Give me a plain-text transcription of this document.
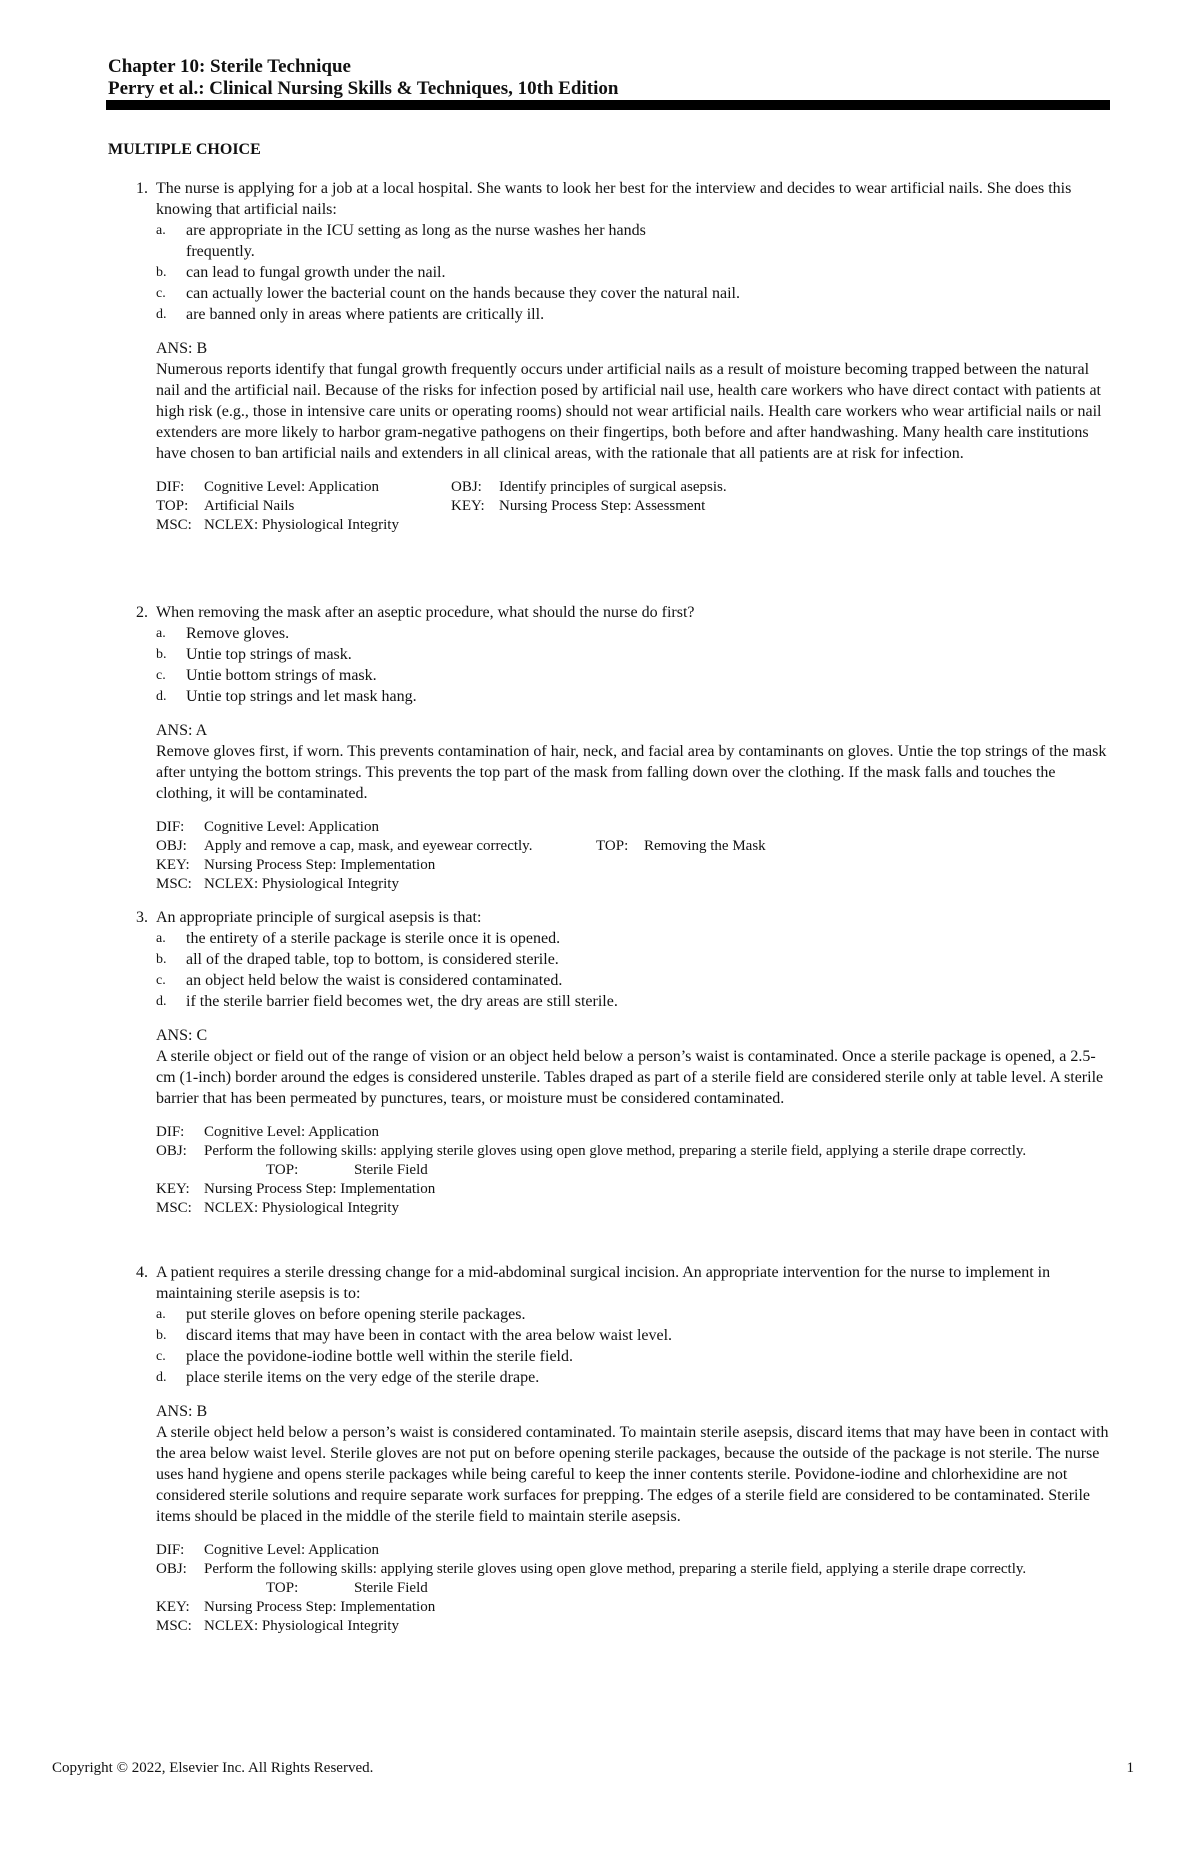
Chapter 10: Sterile Technique
Perry et al.: Clinical Nursing Skills & Techniques, 10th Edition
MULTIPLE CHOICE
1. The nurse is applying for a job at a local hospital. She wants to look her best for the interview and decides to wear artificial nails. She does this knowing that artificial nails:
a.	are appropriate in the ICU setting as long as the nurse washes her hands frequently.
b.	can lead to fungal growth under the nail.
c.	can actually lower the bacterial count on the hands because they cover the natural nail.
d.	are banned only in areas where patients are critically ill.
ANS: B
Numerous reports identify that fungal growth frequently occurs under artificial nails as a result of moisture becoming trapped between the natural nail and the artificial nail. Because of the risks for infection posed by artificial nail use, health care workers who have direct contact with patients at high risk (e.g., those in intensive care units or operating rooms) should not wear artificial nails. Health care workers who wear artificial nails or nail extenders are more likely to harbor gram-negative pathogens on their fingertips, both before and after handwashing. Many health care institutions have chosen to ban artificial nails and extenders in all clinical areas, with the rationale that all patients are at risk for infection.
DIF: Cognitive Level: Application	OBJ: Identify principles of surgical asepsis.
TOP: Artificial Nails	KEY: Nursing Process Step: Assessment
MSC: NCLEX: Physiological Integrity
2. When removing the mask after an aseptic procedure, what should the nurse do first?
a.	Remove gloves.
b.	Untie top strings of mask.
c.	Untie bottom strings of mask.
d.	Untie top strings and let mask hang.
ANS: A
Remove gloves first, if worn. This prevents contamination of hair, neck, and facial area by contaminants on gloves. Untie the top strings of the mask after untying the bottom strings. This prevents the top part of the mask from falling down over the clothing. If the mask falls and touches the clothing, it will be contaminated.
DIF: Cognitive Level: Application
OBJ: Apply and remove a cap, mask, and eyewear correctly.	TOP: Removing the Mask
KEY: Nursing Process Step: Implementation
MSC: NCLEX: Physiological Integrity
3. An appropriate principle of surgical asepsis is that:
a.	the entirety of a sterile package is sterile once it is opened.
b.	all of the draped table, top to bottom, is considered sterile.
c.	an object held below the waist is considered contaminated.
d.	if the sterile barrier field becomes wet, the dry areas are still sterile.
ANS: C
A sterile object or field out of the range of vision or an object held below a person’s waist is contaminated. Once a sterile package is opened, a 2.5-cm (1-inch) border around the edges is considered unsterile. Tables draped as part of a sterile field are considered sterile only at table level. A sterile barrier that has been permeated by punctures, tears, or moisture must be considered contaminated.
DIF: Cognitive Level: Application
OBJ: Perform the following skills: applying sterile gloves using open glove method, preparing a sterile field, applying a sterile drape correctly. TOP:	Sterile Field
KEY: Nursing Process Step: Implementation
MSC: NCLEX: Physiological Integrity
4. A patient requires a sterile dressing change for a mid-abdominal surgical incision. An appropriate intervention for the nurse to implement in maintaining sterile asepsis is to:
a.	put sterile gloves on before opening sterile packages.
b.	discard items that may have been in contact with the area below waist level.
c.	place the povidone-iodine bottle well within the sterile field.
d.	place sterile items on the very edge of the sterile drape.
ANS: B
A sterile object held below a person’s waist is considered contaminated. To maintain sterile asepsis, discard items that may have been in contact with the area below waist level. Sterile gloves are not put on before opening sterile packages, because the outside of the package is not sterile. The nurse uses hand hygiene and opens sterile packages while being careful to keep the inner contents sterile. Povidone-iodine and chlorhexidine are not considered sterile solutions and require separate work surfaces for prepping. The edges of a sterile field are considered to be contaminated. Sterile items should be placed in the middle of the sterile field to maintain sterile asepsis.
DIF: Cognitive Level: Application
OBJ: Perform the following skills: applying sterile gloves using open glove method, preparing a sterile field, applying a sterile drape correctly. TOP:	Sterile Field
KEY: Nursing Process Step: Implementation
MSC: NCLEX: Physiological Integrity
Copyright © 2022, Elsevier Inc. All Rights Reserved.	1
